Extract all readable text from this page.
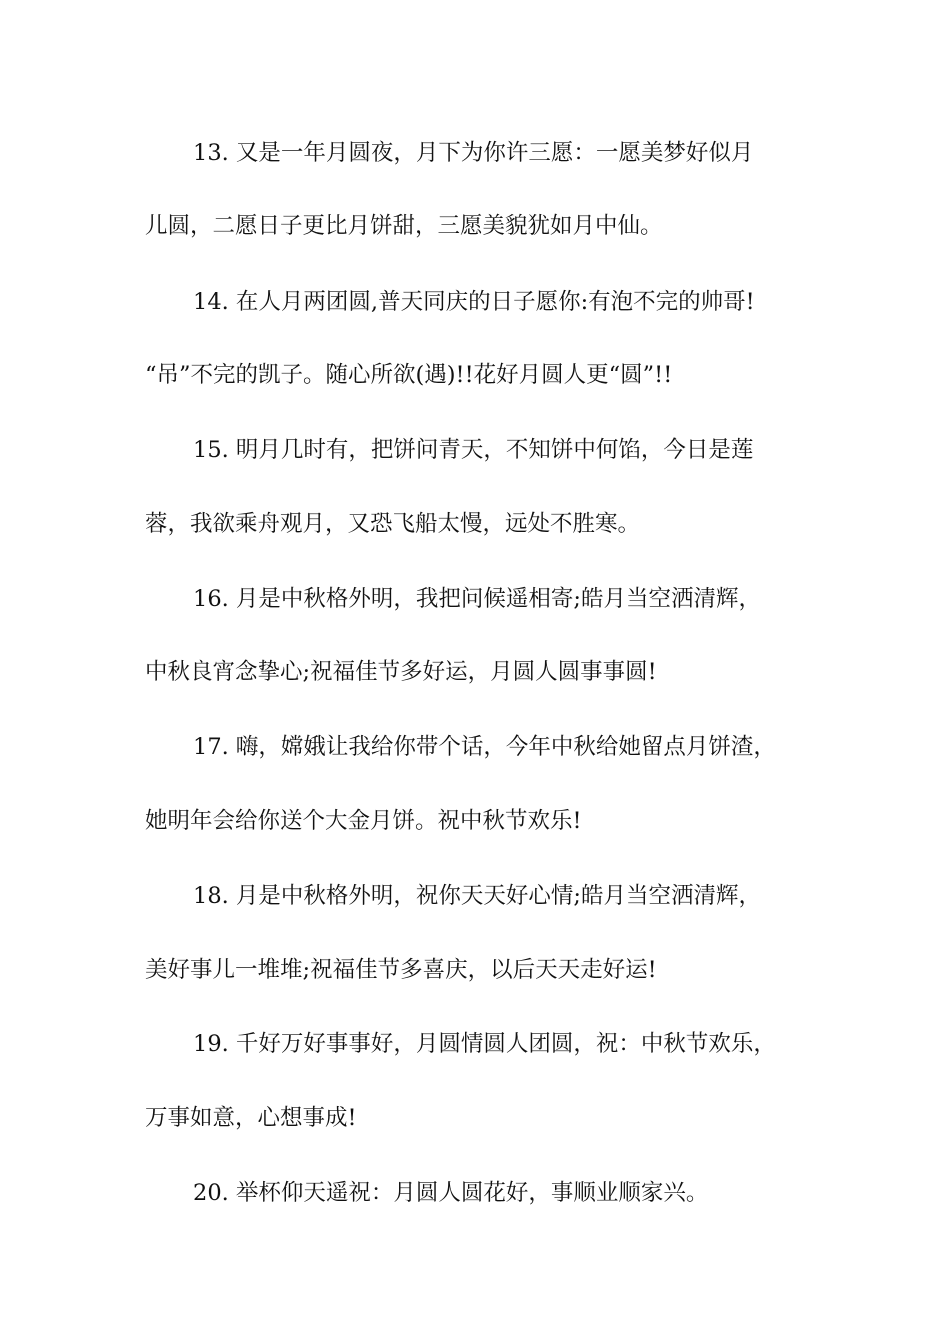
13. 又是一年月圆夜，月下为你许三愿：一愿美梦好似月
儿圆，二愿日子更比月饼甜，三愿美貌犹如月中仙。
14. 在人月两团圆,普天同庆的日子愿你:有泡不完的帅哥!
“吊”不完的凯子。随心所欲(遇)!!花好月圆人更“圆”!!
15. 明月几时有，把饼问青天，不知饼中何馅，今日是莲
蓉，我欲乘舟观月，又恐飞船太慢，远处不胜寒。
16. 月是中秋格外明，我把问候遥相寄;皓月当空洒清辉，
中秋良宵念挚心;祝福佳节多好运，月圆人圆事事圆!
17. 嗨，嫦娥让我给你带个话，今年中秋给她留点月饼渣，
她明年会给你送个大金月饼。祝中秋节欢乐!
18. 月是中秋格外明，祝你天天好心情;皓月当空洒清辉，
美好事儿一堆堆;祝福佳节多喜庆，以后天天走好运!
19. 千好万好事事好，月圆情圆人团圆，祝：中秋节欢乐，
万事如意，心想事成!
20. 举杯仰天遥祝：月圆人圆花好，事顺业顺家兴。
